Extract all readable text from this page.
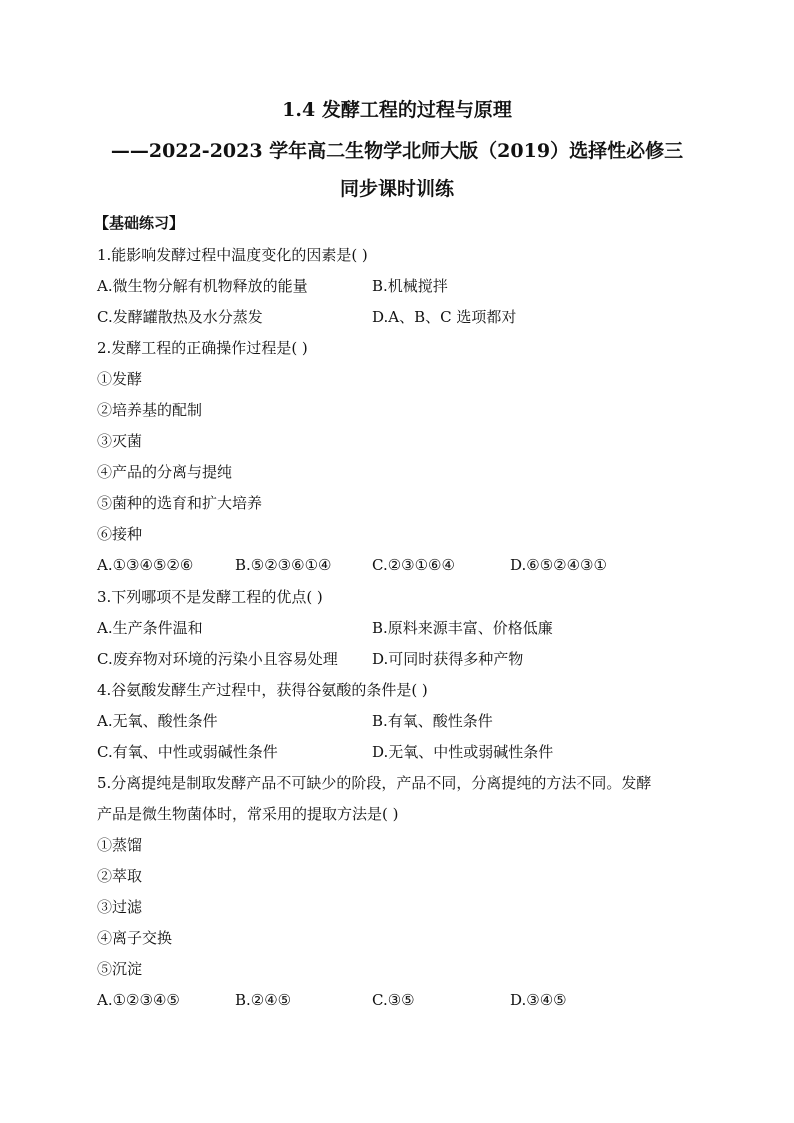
1.4 发酵工程的过程与原理
——2022-2023 学年高二生物学北师大版（2019）选择性必修三
同步课时训练
【基础练习】
1.能影响发酵过程中温度变化的因素是( )
A.微生物分解有机物释放的能量	B.机械搅拌
C.发酵罐散热及水分蒸发	D.A、B、C 选项都对
2.发酵工程的正确操作过程是( )
①发酵
②培养基的配制
③灭菌
④产品的分离与提纯
⑤菌种的选育和扩大培养
⑥接种
A.①③④⑤②⑥	B.⑤②③⑥①④	C.②③①⑥④	D.⑥⑤②④③①
3.下列哪项不是发酵工程的优点( )
A.生产条件温和	B.原料来源丰富、价格低廉
C.废弃物对环境的污染小且容易处理 D.可同时获得多种产物
4.谷氨酸发酵生产过程中，获得谷氨酸的条件是( )
A.无氧、酸性条件	B.有氧、酸性条件
C.有氧、中性或弱碱性条件	D.无氧、中性或弱碱性条件
5.分离提纯是制取发酵产品不可缺少的阶段，产品不同，分离提纯的方法不同。发酵
产品是微生物菌体时，常采用的提取方法是( )
①蒸馏
②萃取
③过滤
④离子交换
⑤沉淀
A.①②③④⑤	B.②④⑤	C.③⑤	D.③④⑤
